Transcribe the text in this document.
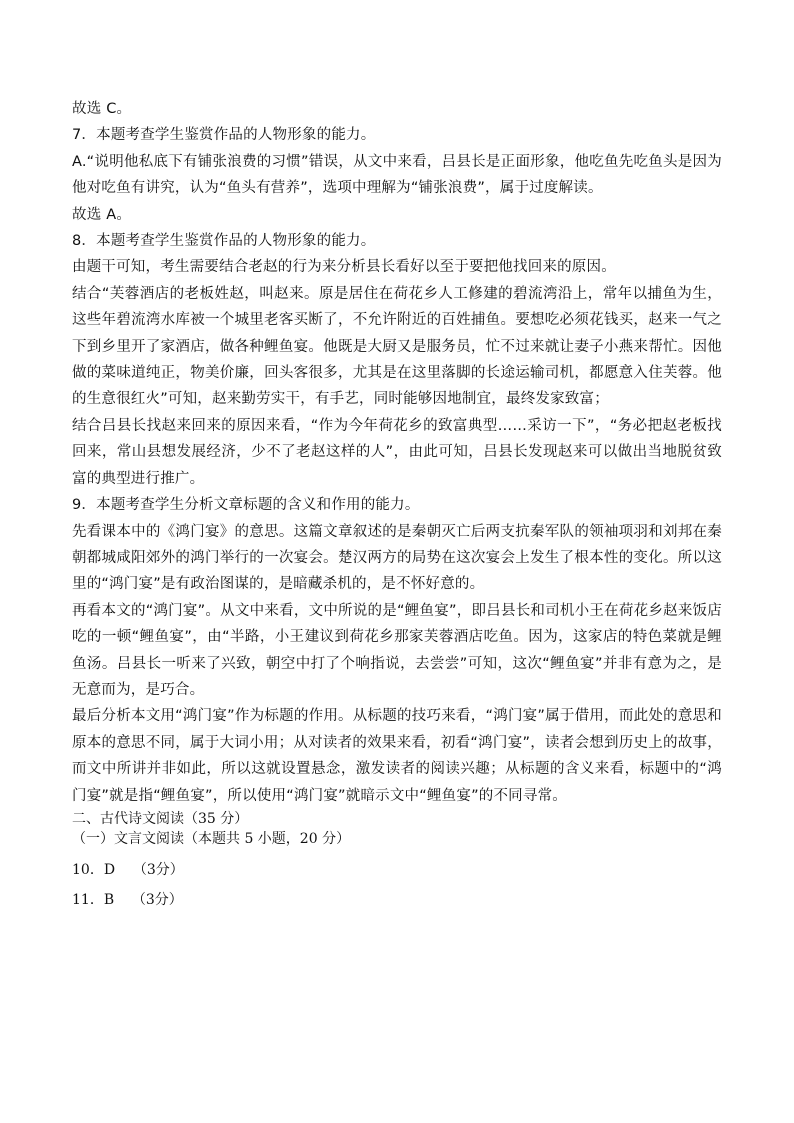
故选 C。

7．本题考查学生鉴赏作品的人物形象的能力。

A.“说明他私底下有铺张浪费的习惯”错误，从文中来看，吕县长是正面形象，他吃鱼先吃鱼头是因为他对吃鱼有讲究，认为“鱼头有营养”，选项中理解为“铺张浪费”，属于过度解读。

故选 A。

8．本题考查学生鉴赏作品的人物形象的能力。

由题干可知，考生需要结合老赵的行为来分析县长看好以至于要把他找回来的原因。

结合“芙蓉酒店的老板姓赵，叫赵来。原是居住在荷花乡人工修建的碧流湾沿上，常年以捕鱼为生，这些年碧流湾水库被一个城里老客买断了，不允许附近的百姓捕鱼。要想吃必须花钱买，赵来一气之下到乡里开了家酒店，做各种鲤鱼宴。他既是大厨又是服务员，忙不过来就让妻子小燕来帮忙。因他做的菜味道纯正，物美价廉，回头客很多，尤其是在这里落脚的长途运输司机，都愿意入住芙蓉。他的生意很红火”可知，赵来勤劳实干，有手艺，同时能够因地制宜，最终发家致富；

结合吕县长找赵来回来的原因来看，“作为今年荷花乡的致富典型……采访一下”，“务必把赵老板找回来，常山县想发展经济，少不了老赵这样的人”，由此可知，吕县长发现赵来可以做出当地脱贫致富的典型进行推广。

9．本题考查学生分析文章标题的含义和作用的能力。

先看课本中的《鸿门宴》的意思。这篇文章叙述的是秦朝灭亡后两支抗秦军队的领袖项羽和刘邦在秦朝都城咸阳郊外的鸿门举行的一次宴会。楚汉两方的局势在这次宴会上发生了根本性的变化。所以这里的“鸿门宴”是有政治图谋的，是暗藏杀机的，是不怀好意的。

再看本文的“鸿门宴”。从文中来看，文中所说的是“鲤鱼宴”，即吕县长和司机小王在荷花乡赵来饭店吃的一顿“鲤鱼宴”，由“半路，小王建议到荷花乡那家芙蓉酒店吃鱼。因为，这家店的特色菜就是鲤鱼汤。吕县长一听来了兴致，朝空中打了个响指说，去尝尝”可知，这次“鲤鱼宴”并非有意为之，是无意而为，是巧合。

最后分析本文用“鸿门宴”作为标题的作用。从标题的技巧来看，“鸿门宴”属于借用，而此处的意思和原本的意思不同，属于大词小用；从对读者的效果来看，初看“鸿门宴”，读者会想到历史上的故事，而文中所讲并非如此，所以这就设置悬念，激发读者的阅读兴趣；从标题的含义来看，标题中的“鸿门宴”就是指“鲤鱼宴”，所以使用“鸿门宴”就暗示文中“鲤鱼宴”的不同寻常。

二、古代诗文阅读（35 分）

（一）文言文阅读（本题共 5 小题，20 分）

10．D    （3分）

11．B    （3分）
